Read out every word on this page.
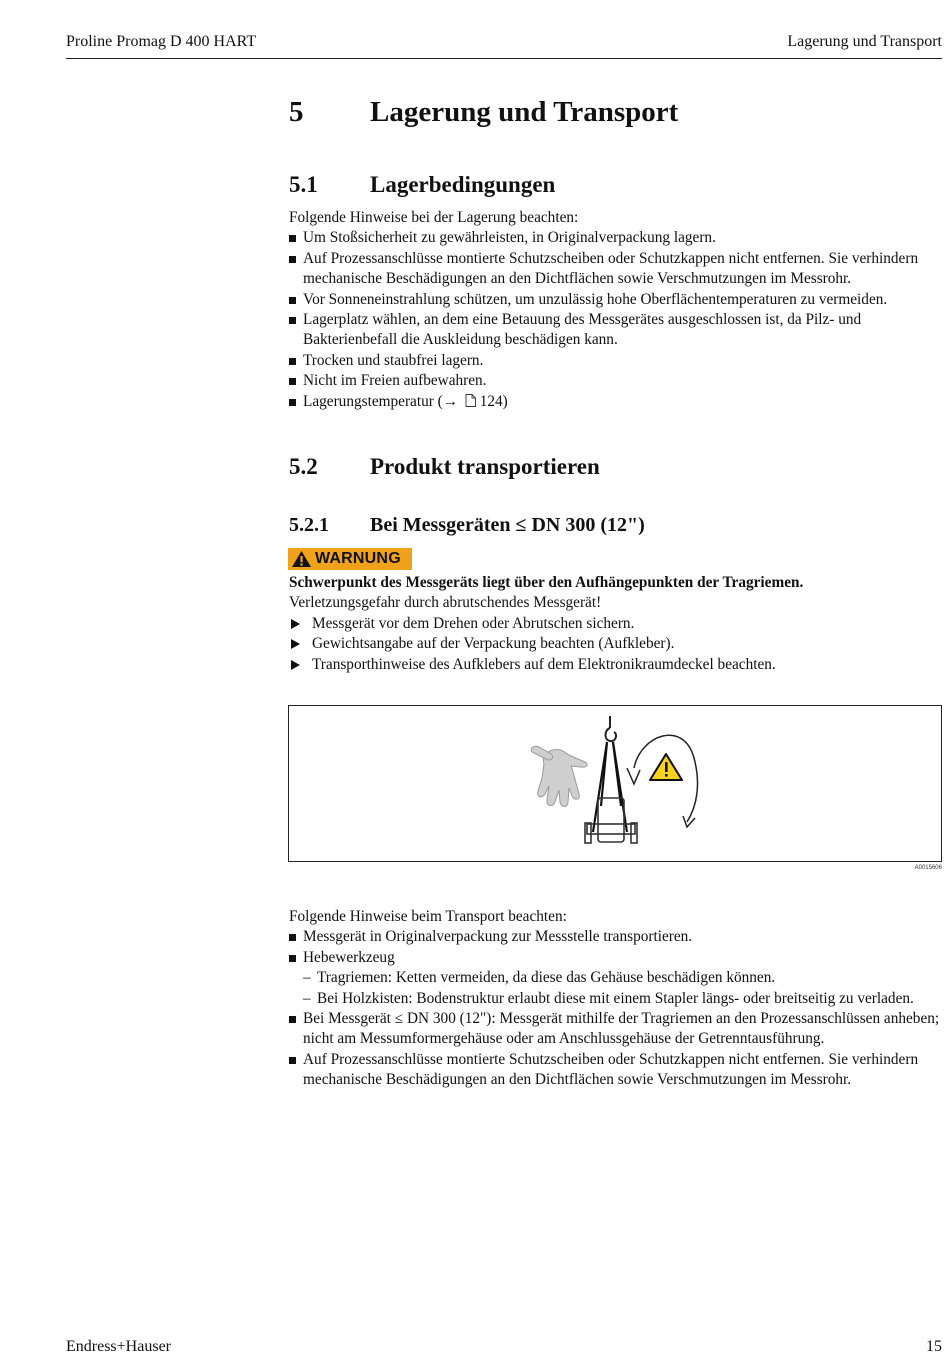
Proline Promag D 400 HART	Lagerung und Transport
5 Lagerung und Transport
5.1 Lagerbedingungen

Folgende Hinweise bei der Lagerung beachten:

Um Stoßsicherheit zu gewährleisten, in Originalverpackung lagern.
Auf Prozessanschlüsse montierte Schutzscheiben oder Schutzkappen nicht entfernen. Sie verhindern mechanische Beschädigungen an den Dichtflächen sowie Verschmutzungen im Messrohr.
Vor Sonneneinstrahlung schützen, um unzulässig hohe Oberflächentemperaturen zu vermeiden.
Lagerplatz wählen, an dem eine Betauung des Messgerätes ausgeschlossen ist, da Pilz- und Bakterienbefall die Auskleidung beschädigen kann.
Trocken und staubfrei lagern.
Nicht im Freien aufbewahren.
Lagerungstemperatur (→ 124)
5.2 Produkt transportieren
5.2.1 Bei Messgeräten ≤ DN 300 (12")
WARNUNG

Schwerpunkt des Messgeräts liegt über den Aufhängepunkten der Tragriemen.

Verletzungsgefahr durch abrutschendes Messgerät!

Messgerät vor dem Drehen oder Abrutschen sichern.
Gewichtsangabe auf der Verpackung beachten (Aufkleber).
Transporthinweise des Aufklebers auf dem Elektronikraumdeckel beachten.
A0015606

Folgende Hinweise beim Transport beachten:

Messgerät in Originalverpackung zur Messstelle transportieren.
Hebewerkzeug
– Tragriemen: Ketten vermeiden, da diese das Gehäuse beschädigen können.
– Bei Holzkisten: Bodenstruktur erlaubt diese mit einem Stapler längs- oder breitseitig zu verladen.
Bei Messgerät ≤ DN 300 (12"): Messgerät mithilfe der Tragriemen an den Prozessanschlüssen anheben; nicht am Messumformergehäuse oder am Anschlussgehäuse der Getrenntausführung.
Auf Prozessanschlüsse montierte Schutzscheiben oder Schutzkappen nicht entfernen. Sie verhindern mechanische Beschädigungen an den Dichtflächen sowie Verschmutzungen im Messrohr.
Endress+Hauser	15
